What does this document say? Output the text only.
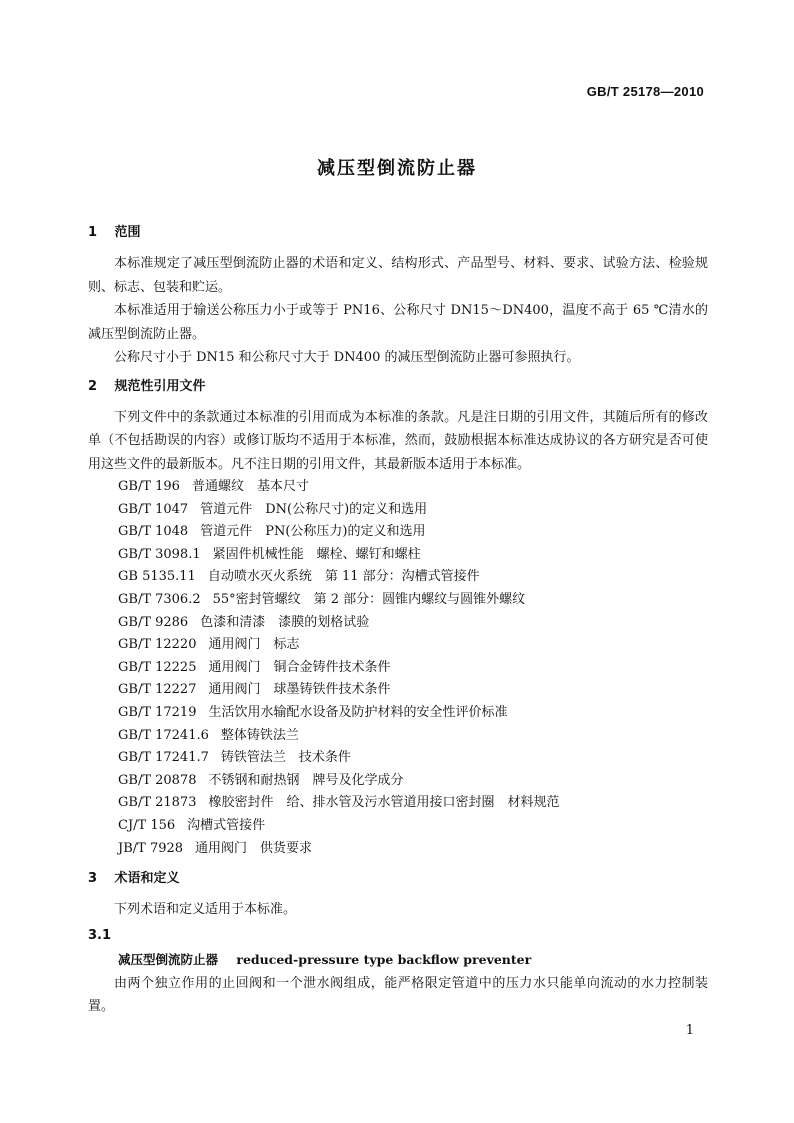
GB/T 25178—2010
减压型倒流防止器
1 范围
本标准规定了减压型倒流防止器的术语和定义、结构形式、产品型号、材料、要求、试验方法、检验规则、标志、包装和贮运。
本标准适用于输送公称压力小于或等于 PN16、公称尺寸 DN15～DN400，温度不高于 65 ℃清水的减压型倒流防止器。
公称尺寸小于 DN15 和公称尺寸大于 DN400 的减压型倒流防止器可参照执行。
2 规范性引用文件
下列文件中的条款通过本标准的引用而成为本标准的条款。凡是注日期的引用文件，其随后所有的修改单（不包括勘误的内容）或修订版均不适用于本标准，然而，鼓励根据本标准达成协议的各方研究是否可使用这些文件的最新版本。凡不注日期的引用文件，其最新版本适用于本标准。
GB/T 196 普通螺纹　基本尺寸
GB/T 1047 管道元件　DN(公称尺寸)的定义和选用
GB/T 1048 管道元件　PN(公称压力)的定义和选用
GB/T 3098.1 紧固件机械性能　螺栓、螺钉和螺柱
GB 5135.11 自动喷水灭火系统　第 11 部分：沟槽式管接件
GB/T 7306.2 55°密封管螺纹　第 2 部分：圆锥内螺纹与圆锥外螺纹
GB/T 9286 色漆和清漆　漆膜的划格试验
GB/T 12220 通用阀门　标志
GB/T 12225 通用阀门　铜合金铸件技术条件
GB/T 12227 通用阀门　球墨铸铁件技术条件
GB/T 17219 生活饮用水输配水设备及防护材料的安全性评价标准
GB/T 17241.6 整体铸铁法兰
GB/T 17241.7 铸铁管法兰　技术条件
GB/T 20878 不锈钢和耐热钢　牌号及化学成分
GB/T 21873 橡胶密封件　给、排水管及污水管道用接口密封圈　材料规范
CJ/T 156 沟槽式管接件
JB/T 7928 通用阀门　供货要求
3 术语和定义
下列术语和定义适用于本标准。
3.1
减压型倒流防止器 reduced-pressure type backflow preventer
由两个独立作用的止回阀和一个泄水阀组成，能严格限定管道中的压力水只能单向流动的水力控制装置。
1
